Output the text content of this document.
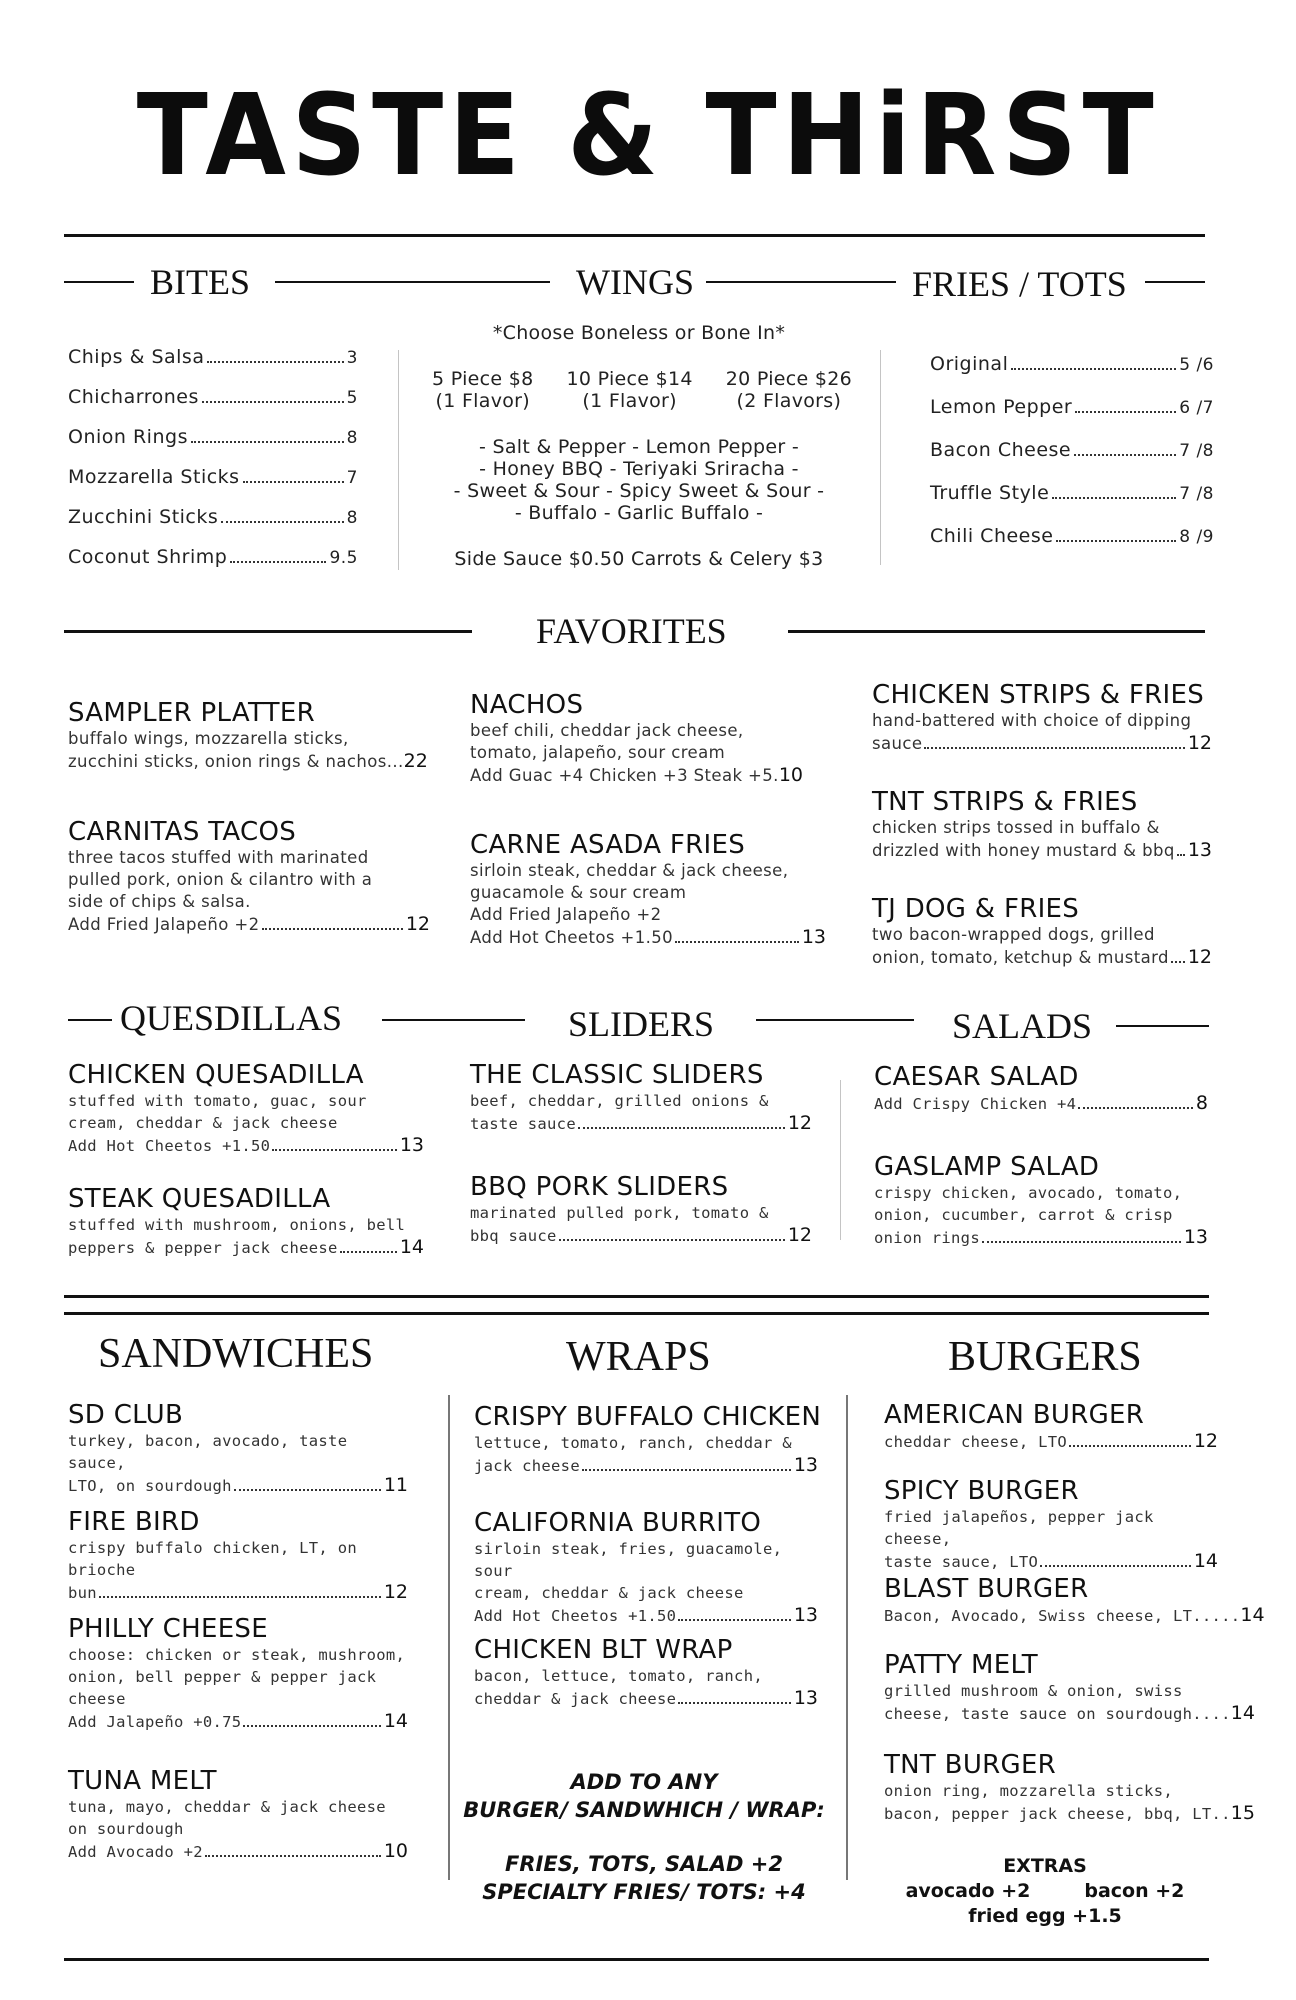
TASTE & THiRST
BITES	WINGS	FRIES / TOTS
Chips & Salsa	3
Chicharrones	5
Onion Rings	8
Mozzarella Sticks	7
Zucchini Sticks	8
Coconut Shrimp	9.5
*Choose Boneless or Bone In*
5 Piece $8
(1 Flavor)
10 Piece $14
(1 Flavor)
20 Piece $26
(2 Flavors)
- Salt & Pepper - Lemon Pepper -
- Honey BBQ - Teriyaki Sriracha -
- Sweet & Sour - Spicy Sweet & Sour -
- Buffalo - Garlic Buffalo -
Side Sauce $0.50 Carrots & Celery $3
Original	5 /6
Lemon Pepper	6 /7
Bacon Cheese	7 /8
Truffle Style	7 /8
Chili Cheese	8 /9
FAVORITES
SAMPLER PLATTER
buffalo wings, mozzarella sticks,
zucchini sticks, onion rings & nachos... 22
CARNITAS TACOS
three tacos stuffed with marinated
pulled pork, onion & cilantro with a
side of chips & salsa.
Add Fried Jalapeño +2	12
NACHOS
beef chili, cheddar jack cheese,
tomato, jalapeño, sour cream
Add Guac +4 Chicken +3 Steak +5. 10
CARNE ASADA FRIES
sirloin steak, cheddar & jack cheese,
guacamole & sour cream
Add Fried Jalapeño +2
Add Hot Cheetos +1.50	13
CHICKEN STRIPS & FRIES
hand-battered with choice of dipping
sauce	12
TNT STRIPS & FRIES
chicken strips tossed in buffalo &
drizzled with honey mustard & bbq 13
TJ DOG & FRIES
two bacon-wrapped dogs, grilled
onion, tomato, ketchup & mustard 12
QUESDILLAS	SLIDERS	SALADS
CHICKEN QUESADILLA
stuffed with tomato, guac, sour
cream, cheddar & jack cheese
Add Hot Cheetos +1.50	13
STEAK QUESADILLA
stuffed with mushroom, onions, bell
peppers & pepper jack cheese	14
THE CLASSIC SLIDERS
beef, cheddar, grilled onions &
taste sauce	12
BBQ PORK SLIDERS
marinated pulled pork, tomato &
bbq sauce	12
CAESAR SALAD
Add Crispy Chicken +4	8
GASLAMP SALAD
crispy chicken, avocado, tomato,
onion, cucumber, carrot & crisp
onion rings	13
SANDWICHES	WRAPS	BURGERS
SD CLUB
turkey, bacon, avocado, taste sauce,
LTO, on sourdough	11
FIRE BIRD
crispy buffalo chicken, LT, on brioche
bun	12
PHILLY CHEESE
choose: chicken or steak, mushroom,
onion, bell pepper & pepper jack
cheese
Add Jalapeño +0.75	14
TUNA MELT
tuna, mayo, cheddar & jack cheese
on sourdough
Add Avocado +2	10
CRISPY BUFFALO CHICKEN
lettuce, tomato, ranch, cheddar &
jack cheese	13
CALIFORNIA BURRITO
sirloin steak, fries, guacamole, sour
cream, cheddar & jack cheese
Add Hot Cheetos +1.50	13
CHICKEN BLT WRAP
bacon, lettuce, tomato, ranch,
cheddar & jack cheese	13
ADD TO ANY
BURGER/ SANDWHICH / WRAP:
FRIES, TOTS, SALAD +2
SPECIALTY FRIES/ TOTS: +4
AMERICAN BURGER
cheddar cheese, LTO	12
SPICY BURGER
fried jalapeños, pepper jack cheese,
taste sauce, LTO	14
BLAST BURGER
Bacon, Avocado, Swiss cheese, LT..... 14
PATTY MELT
grilled mushroom & onion, swiss
cheese, taste sauce on sourdough.... 14
TNT BURGER
onion ring, mozzarella sticks,
bacon, pepper jack cheese, bbq, LT.. 15
EXTRAS
avocado +2	bacon +2
fried egg +1.5
